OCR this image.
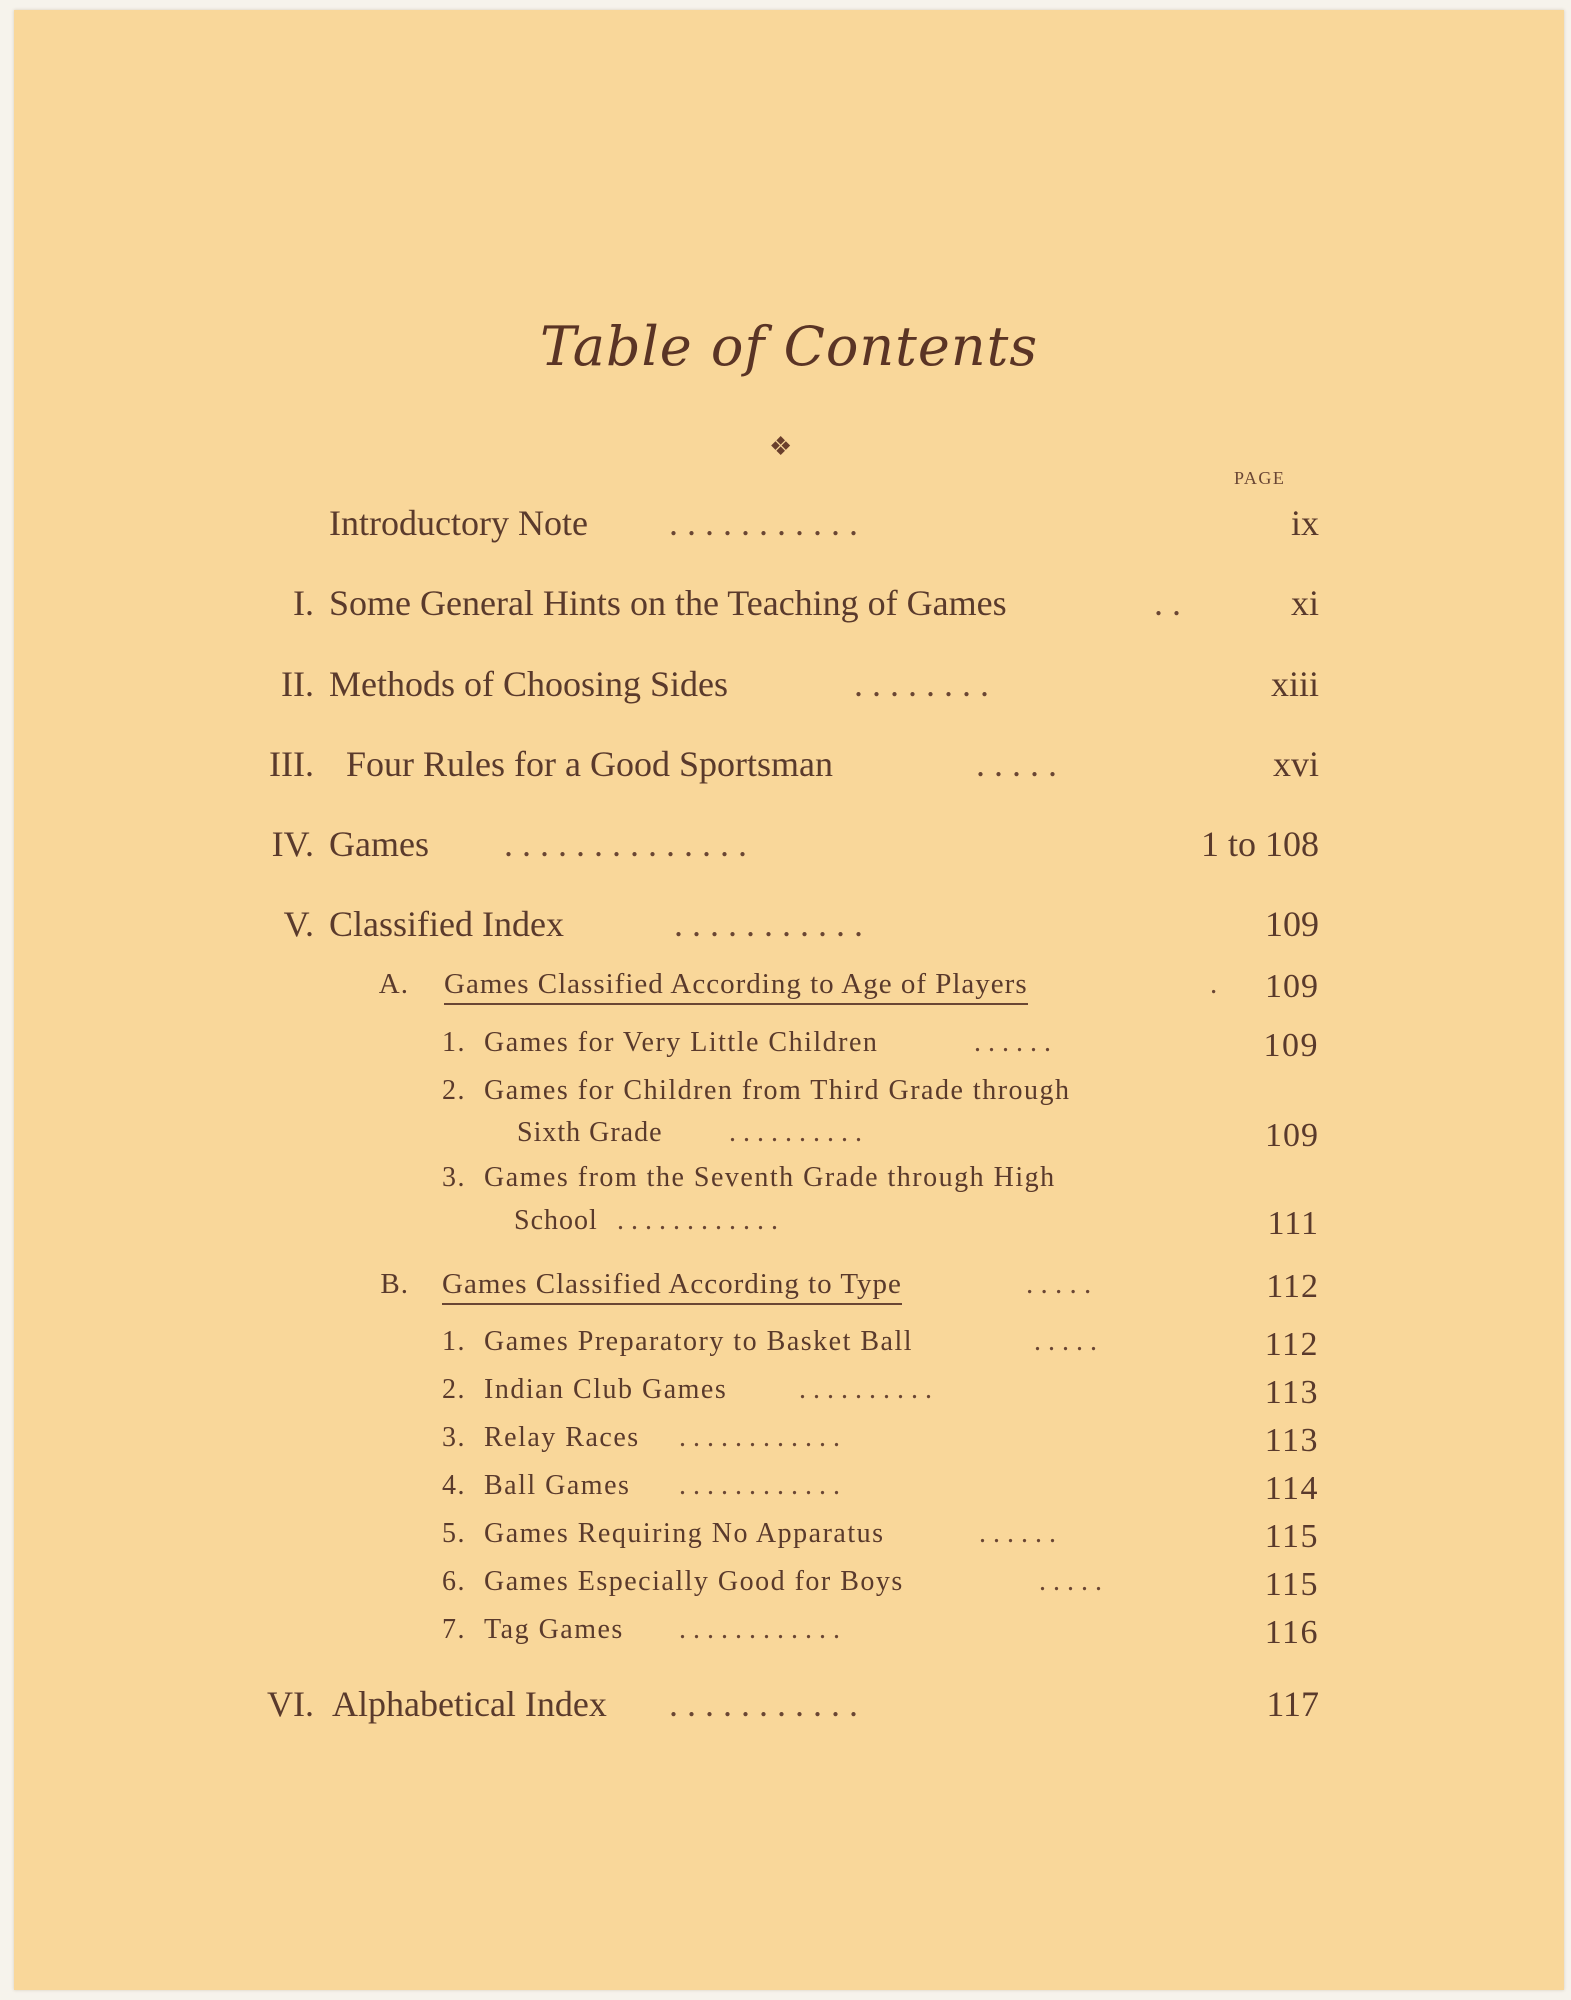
Table of Contents
❖
PAGE
Introductory Note . . . . . . . . . . .	ix
I. Some General Hints on the Teaching of Games	. .	xi
II. Methods of Choosing Sides	. . . . . . . .	xiii
III. Four Rules for a Good Sportsman	. . . . .	xvi
IV. Games . . . . . . . . . . . . . .	1 to 108
V. Classified Index	. . . . . . . . . . .	109
A. Games Classified According to Age of Players	.	109
1. Games for Very Little Children	. . . . . .	109
2. Games for Children from Third Grade through
Sixth Grade . . . . . . . . . .	109
3. Games from the Seventh Grade through High
School . . . . . . . . . . . .	111
B. Games Classified According to Type	. . . . .	112
1. Games Preparatory to Basket Ball	. . . . .	112
2. Indian Club Games	. . . . . . . . . .	113
3. Relay Races . . . . . . . . . . . .	113
4. Ball Games . . . . . . . . . . . .	114
5. Games Requiring No Apparatus	. . . . . .	115
6. Games Especially Good for Boys	. . . . .	115
7. Tag Games . . . . . . . . . . . .	116
VI. Alphabetical Index . . . . . . . . . . .	117
